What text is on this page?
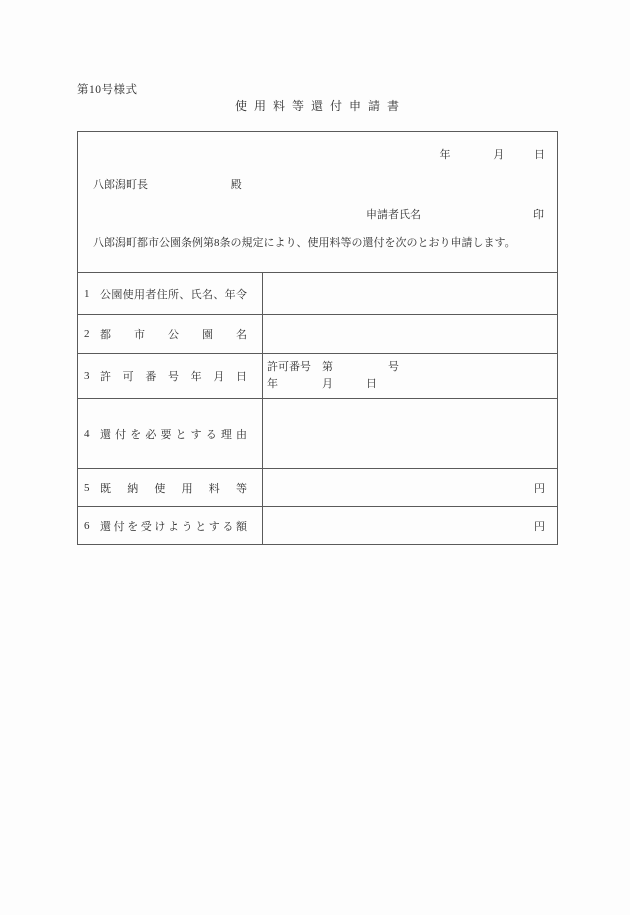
第10号様式
使用料等還付申請書
年	月	日
八郎潟町長	殿
申請者氏名	印
八郎潟町都市公園条例第8条の規定により、使用料等の還付を次のとおり申請します。
1 公園使用者住所、氏名、年令
2 都市公園名
3 許可番号年月日
許可番号　第　　　　　号
年　　　　月　　　日
4 還付を必要とする理由
5 既納使用料等	円
6 還付を受けようとする額	円
